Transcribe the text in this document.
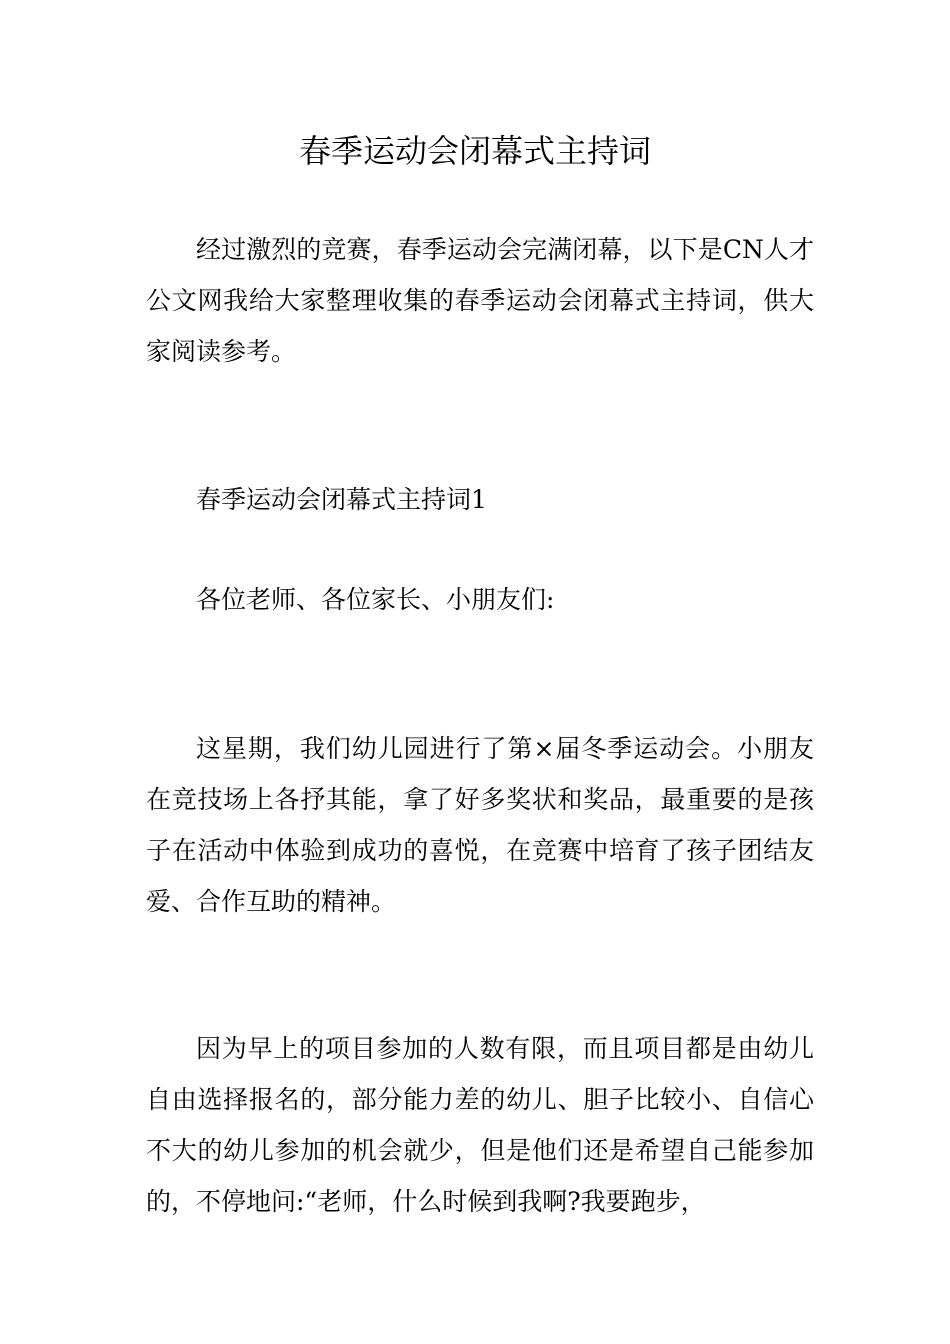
春季运动会闭幕式主持词

经过激烈的竞赛，春季运动会完满闭幕，以下是CN人才公文网我给大家整理收集的春季运动会闭幕式主持词，供大家阅读参考。

春季运动会闭幕式主持词1

各位老师、各位家长、小朋友们:

这星期，我们幼儿园进行了第×届冬季运动会。小朋友在竞技场上各抒其能，拿了好多奖状和奖品，最重要的是孩子在活动中体验到成功的喜悦，在竞赛中培育了孩子团结友爱、合作互助的精神。

因为早上的项目参加的人数有限，而且项目都是由幼儿自由选择报名的，部分能力差的幼儿、胆子比较小、自信心不大的幼儿参加的机会就少，但是他们还是希望自己能参加的，不停地问:“老师，什么时候到我啊?我要跑步，
